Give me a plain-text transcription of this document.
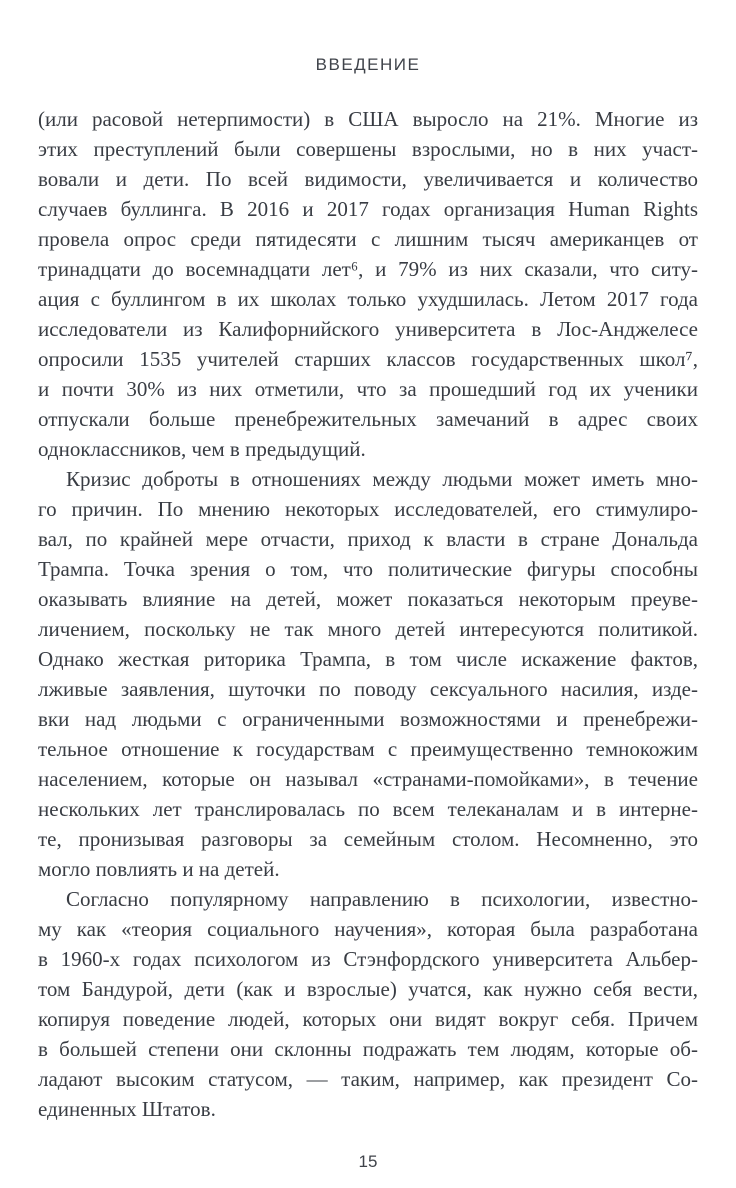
ВВЕДЕНИЕ
(или расовой нетерпимости) в США выросло на 21%. Многие из
этих преступлений были совершены взрослыми, но в них участ-
вовали и дети. По всей видимости, увеличивается и количество
случаев буллинга. В 2016 и 2017 годах организация Human Rights
провела опрос среди пятидесяти с лишним тысяч американцев от
тринадцати до восемнадцати лет⁶, и 79% из них сказали, что ситу-
ация с буллингом в их школах только ухудшилась. Летом 2017 года
исследователи из Калифорнийского университета в Лос-Анджелесе
опросили 1535 учителей старших классов государственных школ⁷,
и почти 30% из них отметили, что за прошедший год их ученики
отпускали больше пренебрежительных замечаний в адрес своих
одноклассников, чем в предыдущий.
Кризис доброты в отношениях между людьми может иметь мно-
го причин. По мнению некоторых исследователей, его стимулиро-
вал, по крайней мере отчасти, приход к власти в стране Дональда
Трампа. Точка зрения о том, что политические фигуры способны
оказывать влияние на детей, может показаться некоторым преуве-
личением, поскольку не так много детей интересуются политикой.
Однако жесткая риторика Трампа, в том числе искажение фактов,
лживые заявления, шуточки по поводу сексуального насилия, изде-
вки над людьми с ограниченными возможностями и пренебрежи-
тельное отношение к государствам с преимущественно темнокожим
населением, которые он называл «странами-помойками», в течение
нескольких лет транслировалась по всем телеканалам и в интерне-
те, пронизывая разговоры за семейным столом. Несомненно, это
могло повлиять и на детей.
Согласно популярному направлению в психологии, известно-
му как «теория социального научения», которая была разработана
в 1960-х годах психологом из Стэнфордского университета Альбер-
том Бандурой, дети (как и взрослые) учатся, как нужно себя вести,
копируя поведение людей, которых они видят вокруг себя. Причем
в большей степени они склонны подражать тем людям, которые об-
ладают высоким статусом, — таким, например, как президент Со-
единенных Штатов.
15
